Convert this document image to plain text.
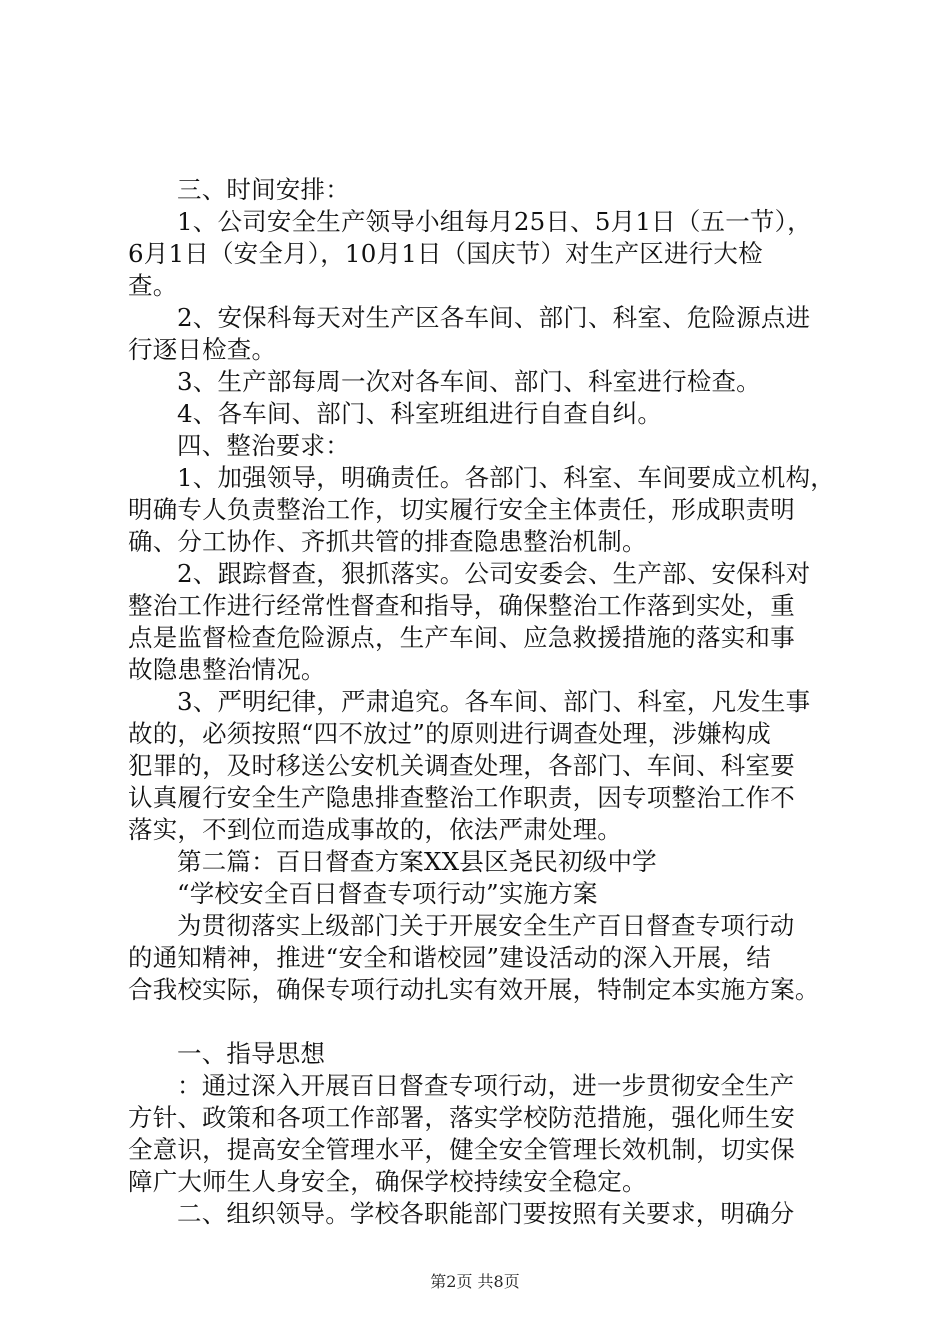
三、时间安排：
1、公司安全生产领导小组每月25日、5月1日（五一节），
6月1日（安全月），10月1日（国庆节）对生产区进行大检
查。
2、安保科每天对生产区各车间、部门、科室、危险源点进
行逐日检查。
3、生产部每周一次对各车间、部门、科室进行检查。
4、各车间、部门、科室班组进行自查自纠。
四、整治要求：
1、加强领导，明确责任。各部门、科室、车间要成立机构，
明确专人负责整治工作，切实履行安全主体责任，形成职责明
确、分工协作、齐抓共管的排查隐患整治机制。
2、跟踪督查，狠抓落实。公司安委会、生产部、安保科对
整治工作进行经常性督查和指导，确保整治工作落到实处，重
点是监督检查危险源点，生产车间、应急救援措施的落实和事
故隐患整治情况。
3、严明纪律，严肃追究。各车间、部门、科室，凡发生事
故的，必须按照“四不放过”的原则进行调查处理，涉嫌构成
犯罪的，及时移送公安机关调查处理，各部门、车间、科室要
认真履行安全生产隐患排查整治工作职责，因专项整治工作不
落实，不到位而造成事故的，依法严肃处理。
第二篇：百日督查方案XX县区尧民初级中学
“学校安全百日督查专项行动”实施方案
为贯彻落实上级部门关于开展安全生产百日督查专项行动
的通知精神，推进“安全和谐校园”建设活动的深入开展，结
合我校实际，确保专项行动扎实有效开展，特制定本实施方案。
一、指导思想
：通过深入开展百日督查专项行动，进一步贯彻安全生产
方针、政策和各项工作部署，落实学校防范措施，强化师生安
全意识，提高安全管理水平，健全安全管理长效机制，切实保
障广大师生人身安全，确保学校持续安全稳定。
二、组织领导。学校各职能部门要按照有关要求，明确分
第2页 共8页
